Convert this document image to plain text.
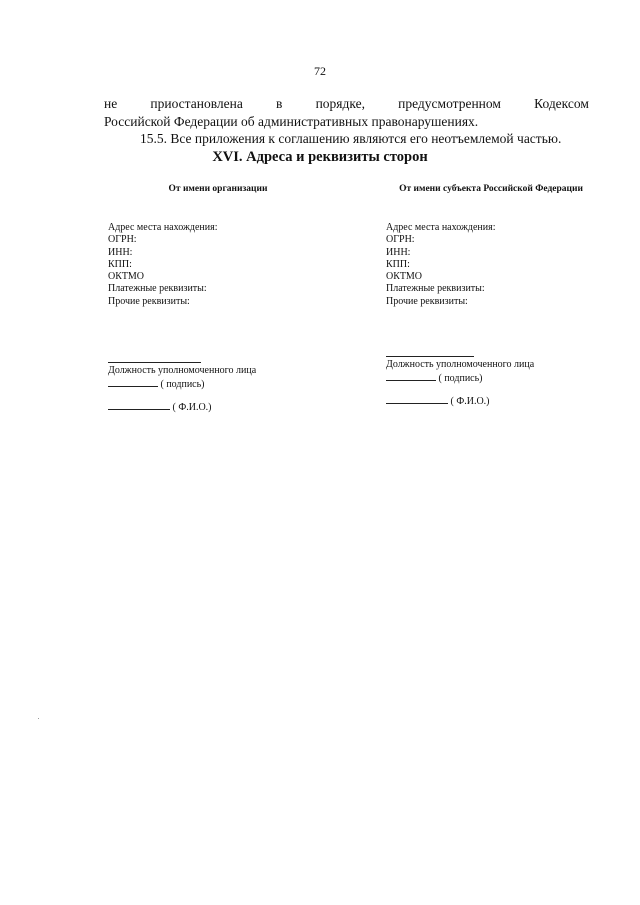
72
не приостановлена в порядке, предусмотренном Кодексом
Российской Федерации об административных правонарушениях.
15.5. Все приложения к соглашению являются его неотъемлемой частью.
XVI. Адреса и реквизиты сторон
От имени организации
Адрес места нахождения:
ОГРН:
ИНН:
КПП:
ОКТМО
Платежные реквизиты:
Прочие реквизиты:
Должность уполномоченного лица
( подпись)
( Ф.И.О.)
От имени субъекта Российской Федерации
Адрес места нахождения:
ОГРН:
ИНН:
КПП:
ОКТМО
Платежные реквизиты:
Прочие реквизиты:
Должность уполномоченного лица
( подпись)
( Ф.И.О.)
